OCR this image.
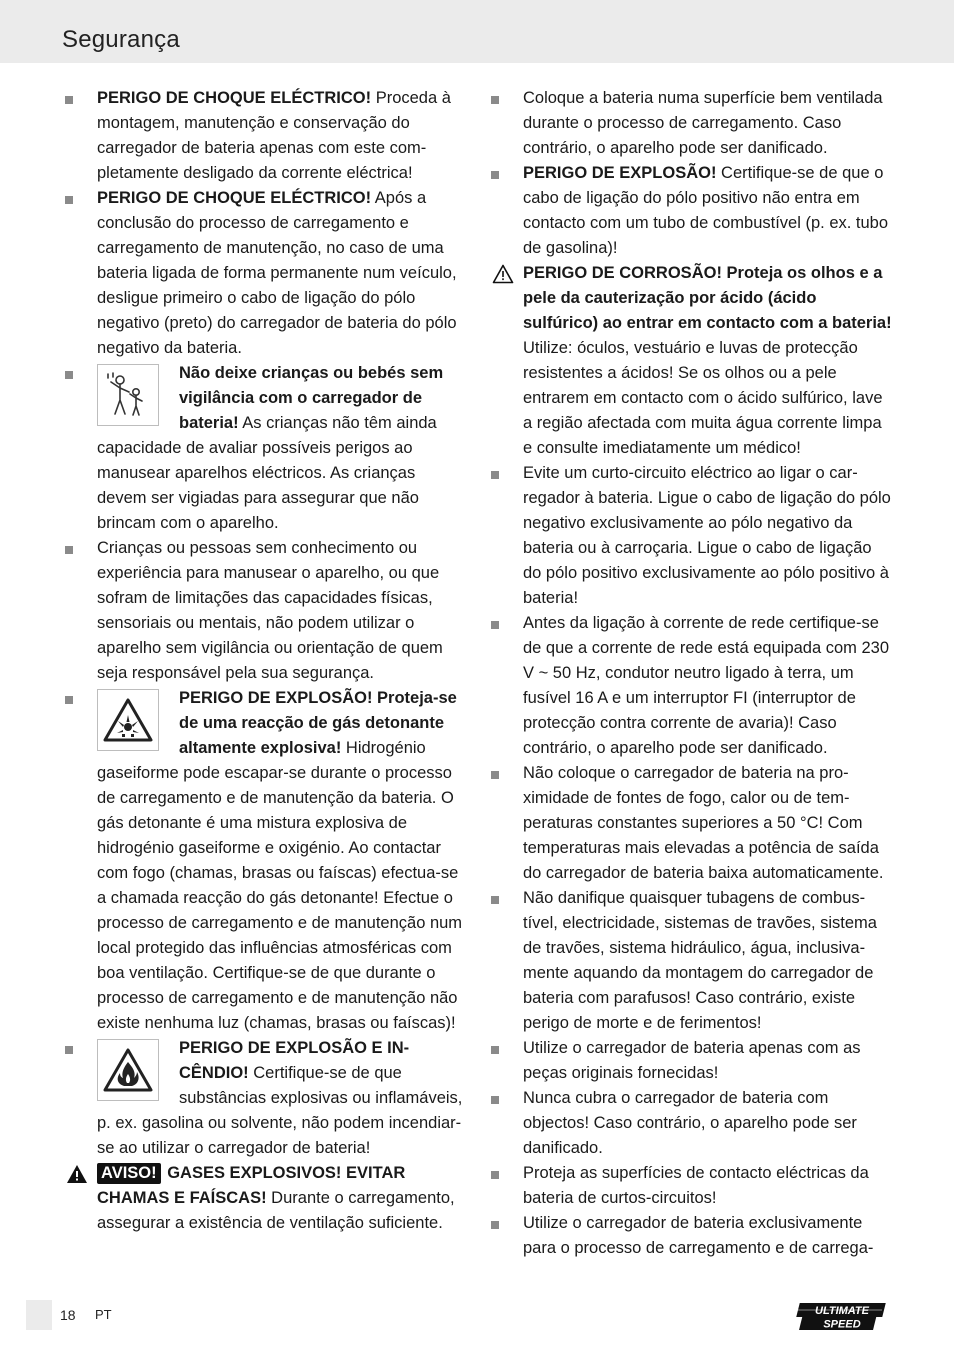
Segurança
PERIGO DE CHOQUE ELÉCTRICO! Proceda à montagem, manutenção e conservação do carregador de bateria apenas com este completamente desligado da corrente eléctrica!
PERIGO DE CHOQUE ELÉCTRICO! Após a conclusão do processo de carregamento e carregamento de manutenção, no caso de uma bateria ligada de forma permanente num veículo, desligue primeiro o cabo de ligação do pólo negativo (preto) do carregador de bateria do pólo negativo da bateria.
Não deixe crianças ou bebés sem vigilância com o carregador de bateria! As crianças não têm ainda capacidade de avaliar possíveis perigos ao manusear aparelhos eléctricos. As crianças devem ser vigiadas para assegurar que não brincam com o aparelho.
Crianças ou pessoas sem conhecimento ou experiência para manusear o aparelho, ou que sofram de limitações das capacidades físicas, sensoriais ou mentais, não podem utilizar o aparelho sem vigilância ou orientação de quem seja responsável pela sua segurança.
PERIGO DE EXPLOSÃO! Proteja-se de uma reacção de gás detonante altamente explosiva! Hidrogénio gaseiforme pode escapar-se durante o processo de carregamento e de manutenção da bateria. O gás detonante é uma mistura explosiva de hidrogénio gaseiforme e oxigénio. Ao contactar com fogo (chamas, brasas ou faíscas) efectua-se a chamada reacção do gás detonante! Efectue o processo de carregamento e de manutenção num local protegido das influências atmosféricas com boa ventilação. Certifique-se de que durante o processo de carregamento e de manutenção não existe nenhuma luz (chamas, brasas ou faíscas)!
PERIGO DE EXPLOSÃO E INCÊNDIO! Certifique-se de que substâncias explosivas ou inflamáveis, p. ex. gasolina ou solvente, não podem incendiar-se ao utilizar o carregador de bateria!
AVISO! GASES EXPLOSIVOS! EVITAR CHAMAS E FAÍSCAS! Durante o carregamento, assegurar a existência de ventilação suficiente.
Coloque a bateria numa superfície bem ventilada durante o processo de carregamento. Caso contrário, o aparelho pode ser danificado.
PERIGO DE EXPLOSÃO! Certifique-se de que o cabo de ligação do pólo positivo não entra em contacto com um tubo de combustível (p. ex. tubo de gasolina)!
PERIGO DE CORROSÃO! Proteja os olhos e a pele da cauterização por ácido (ácido sulfúrico) ao entrar em contacto com a bateria! Utilize: óculos, vestuário e luvas de protecção resistentes a ácidos! Se os olhos ou a pele entrarem em contacto com o ácido sulfúrico, lave a região afectada com muita água corrente limpa e consulte imediatamente um médico!
Evite um curto-circuito eléctrico ao ligar o carregador à bateria. Ligue o cabo de ligação do pólo negativo exclusivamente ao pólo negativo da bateria ou à carroçaria. Ligue o cabo de ligação do pólo positivo exclusivamente ao pólo positivo à bateria!
Antes da ligação à corrente de rede certifique-se de que a corrente de rede está equipada com 230 V ~ 50 Hz, condutor neutro ligado à terra, um fusível 16 A e um interruptor FI (interruptor de protecção contra corrente de avaria)! Caso contrário, o aparelho pode ser danificado.
Não coloque o carregador de bateria na proximidade de fontes de fogo, calor ou de temperaturas constantes superiores a 50 °C! Com temperaturas mais elevadas a potência de saída do carregador de bateria baixa automaticamente.
Não danifique quaisquer tubagens de combustível, electricidade, sistemas de travões, sistema de travões, sistema hidráulico, água, inclusivamente aquando da montagem do carregador de bateria com parafusos! Caso contrário, existe perigo de morte e de ferimentos!
Utilize o carregador de bateria apenas com as peças originais fornecidas!
Nunca cubra o carregador de bateria com objectos! Caso contrário, o aparelho pode ser danificado.
Proteja as superfícies de contacto eléctricas da bateria de curtos-circuitos!
Utilize o carregador de bateria exclusivamente para o processo de carregamento e de carrega-
18 PT	ULTIMATE
SPEED
